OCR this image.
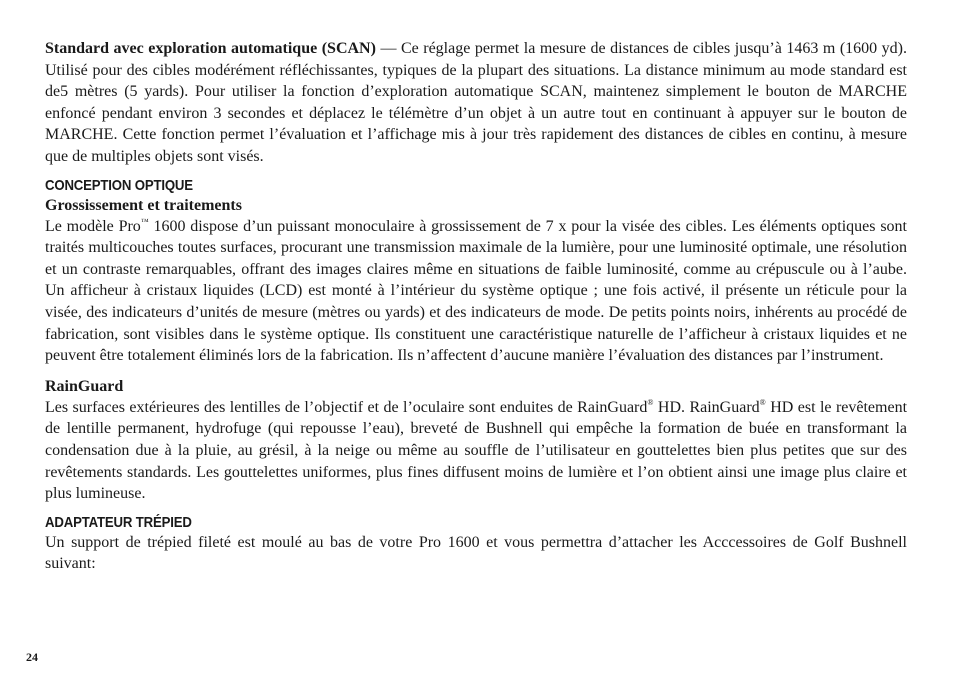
Standard avec exploration automatique (SCAN) — Ce réglage permet la mesure de distances de cibles jusqu’à 1463 m (1600 yd). Utilisé pour des cibles modérément réfléchissantes, typiques de la plupart des situations. La distance minimum au mode standard est de5 mètres (5 yards). Pour utiliser la fonction d’exploration automatique SCAN, maintenez simplement le bouton de MARCHE enfoncé pendant environ 3 secondes et déplacez le télémètre d’un objet à un autre tout en continuant à appuyer sur le bouton de MARCHE. Cette fonction permet l’évaluation et l’affichage mis à jour très rapidement des distances de cibles en continu, à mesure que de multiples objets sont visés.

CONCEPTION OPTIQUE
Grossissement et traitements

Le modèle Pro™ 1600 dispose d’un puissant monoculaire à grossissement de 7 x pour la visée des cibles. Les éléments optiques sont traités multicouches toutes surfaces, procurant une transmission maximale de la lumière, pour une luminosité optimale, une résolution et un contraste remarquables, offrant des images claires même en situations de faible luminosité, comme au crépuscule ou à l’aube. Un afficheur à cristaux liquides (LCD) est monté à l’intérieur du système optique ; une fois activé, il présente un réticule pour la visée, des indicateurs d’unités de mesure (mètres ou yards) et des indicateurs de mode. De petits points noirs, inhérents au procédé de fabrication, sont visibles dans le système optique. Ils constituent une caractéristique naturelle de l’afficheur à cristaux liquides et ne peuvent être totalement éliminés lors de la fabrication. Ils n’affectent d’aucune manière l’évaluation des distances par l’instrument.

RainGuard

Les surfaces extérieures des lentilles de l’objectif et de l’oculaire sont enduites de RainGuard® HD. RainGuard® HD est le revêtement de lentille permanent, hydrofuge (qui repousse l’eau), breveté de Bushnell qui empêche la formation de buée en transformant la condensation due à la pluie, au grésil, à la neige ou même au souffle de l’utilisateur en gouttelettes bien plus petites que sur des revêtements standards. Les gouttelettes uniformes, plus fines diffusent moins de lumière et l’on obtient ainsi une image plus claire et plus lumineuse.

ADAPTATEUR TRÉPIED

Un support de trépied fileté est moulé au bas de votre Pro 1600 et vous permettra d’attacher les Acccessoires de Golf Bushnell suivant:

24
